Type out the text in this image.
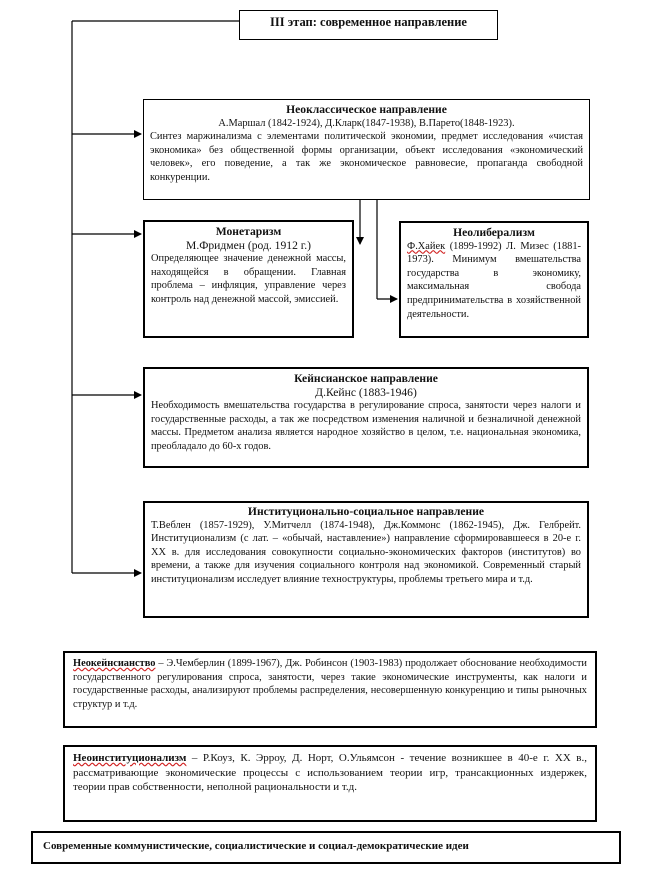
III этап: современное направление
Неоклассическое направление
А.Маршал (1842-1924), Д.Кларк(1847-1938), В.Парето(1848-1923).
Синтез маржинализма с элементами политической экономии, предмет исследования «чистая экономика» без общественной формы организации, объект исследования «экономический человек», его поведение, а так же экономическое равновесие, пропаганда свободной конкуренции.
Монетаризм
М.Фридмен (род. 1912 г.)
Определяющее значение денежной массы, находящейся в обращении. Главная проблема – инфляция, управление через контроль над денежной массой, эмиссией.
Неолиберализм
Ф.Хайек (1899-1992) Л. Мизес (1881-1973). Минимум вмешательства государства в экономику, максимальная свобода предпринимательства в хозяйственной деятельности.
Кейнсианское направление
Д.Кейнс (1883-1946)
Необходимость вмешательства государства в регулирование спроса, занятости через налоги и государственные расходы, а так же посредством изменения наличной и безналичной денежной массы. Предметом анализа является народное хозяйство в целом, т.е. национальная экономика, преобладало до 60-х годов.
Институционально-социальное направление
Т.Веблен (1857-1929), У.Митчелл (1874-1948), Дж.Коммонс (1862-1945), Дж. Гелбрейт. Институционализм (с лат. – «обычай, наставление») направление сформировавшееся в 20-е г. XX в. для исследования совокупности социально-экономических факторов (институтов) во времени, а также для изучения социального контроля над экономикой. Современный старый институционализм исследует влияние техноструктуры, проблемы третьего мира и т.д.
Неокейнсианство – Э.Чемберлин (1899-1967), Дж. Робинсон (1903-1983) продолжает обоснование необходимости государственного регулирования спроса, занятости, через такие экономические инструменты, как налоги и государственные расходы, анализируют проблемы распределения, несовершенную конкуренцию и типы рыночных структур и т.д.
Неоинституционализм – Р.Коуз, К. Эрроу, Д. Норт, О.Ульямсон - течение возникшее в 40-е г. XX в., рассматривающие экономические процессы с использованием теории игр, трансакционных издержек, теории прав собственности, неполной рациональности и т.д.
Современные коммунистические, социалистические и социал-демократические идеи
